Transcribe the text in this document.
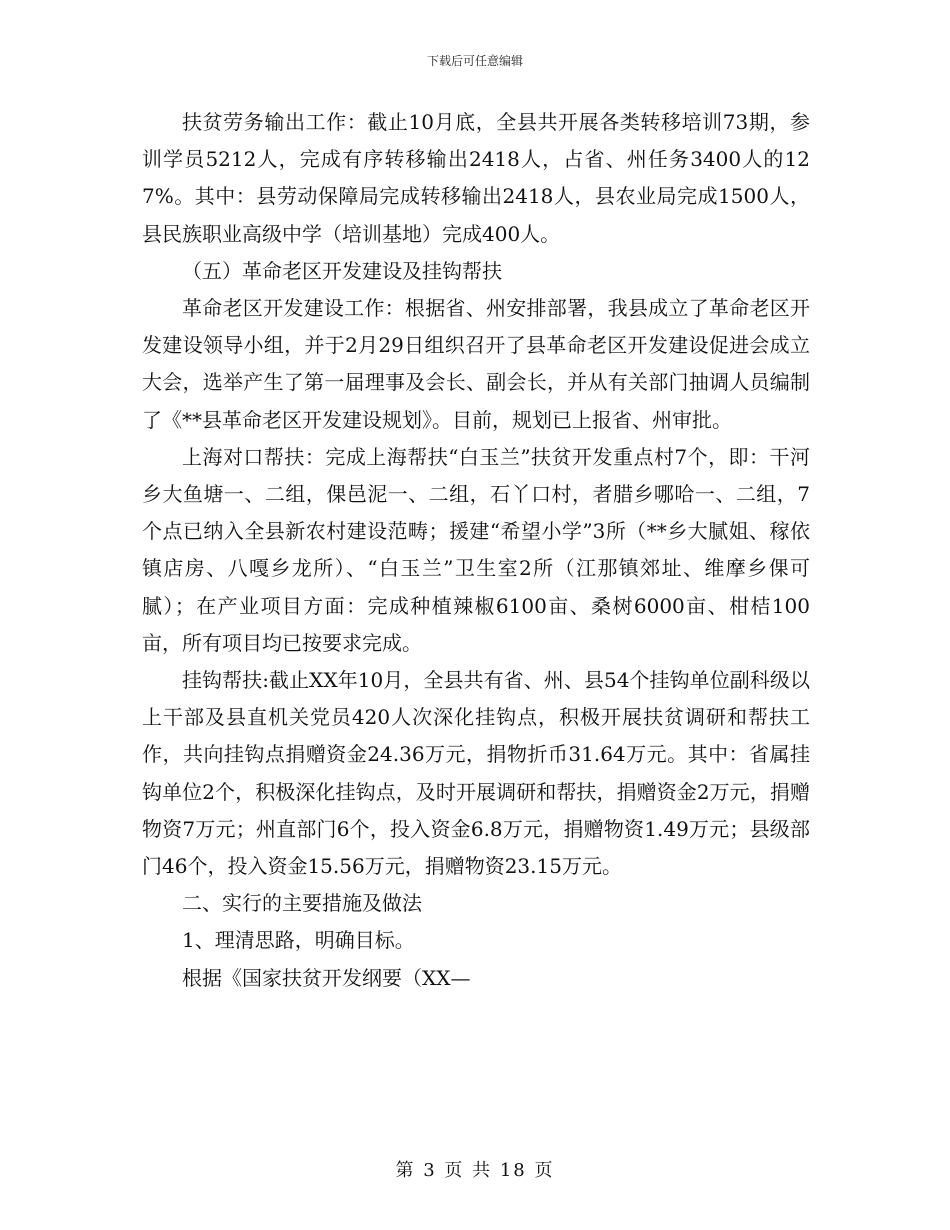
下载后可任意编辑

扶贫劳务输出工作：截止10月底，全县共开展各类转移培训73期，参训学员5212人，完成有序转移输出2418人，占省、州任务3400人的127%。其中：县劳动保障局完成转移输出2418人，县农业局完成1500人，县民族职业高级中学（培训基地）完成400人。

（五）革命老区开发建设及挂钩帮扶

革命老区开发建设工作：根据省、州安排部署，我县成立了革命老区开发建设领导小组，并于2月29日组织召开了县革命老区开发建设促进会成立大会，选举产生了第一届理事及会长、副会长，并从有关部门抽调人员编制了《**县革命老区开发建设规划》。目前，规划已上报省、州审批。

上海对口帮扶：完成上海帮扶“白玉兰”扶贫开发重点村7个，即：干河乡大鱼塘一、二组，倮邑泥一、二组，石丫口村，者腊乡哪哈一、二组，7个点已纳入全县新农村建设范畴；援建“希望小学”3所（**乡大腻姐、稼依镇店房、八嘎乡龙所）、“白玉兰”卫生室2所（江那镇郊址、维摩乡倮可腻）；在产业项目方面：完成种植辣椒6100亩、桑树6000亩、柑桔100亩，所有项目均已按要求完成。

挂钩帮扶:截止XX年10月，全县共有省、州、县54个挂钩单位副科级以上干部及县直机关党员420人次深化挂钩点，积极开展扶贫调研和帮扶工作，共向挂钩点捐赠资金24.36万元，捐物折币31.64万元。其中：省属挂钩单位2个，积极深化挂钩点，及时开展调研和帮扶，捐赠资金2万元，捐赠物资7万元；州直部门6个，投入资金6.8万元，捐赠物资1.49万元；县级部门46个，投入资金15.56万元，捐赠物资23.15万元。

二、实行的主要措施及做法

1、理清思路，明确目标。

根据《国家扶贫开发纲要（XX—

第 3 页 共 18 页
